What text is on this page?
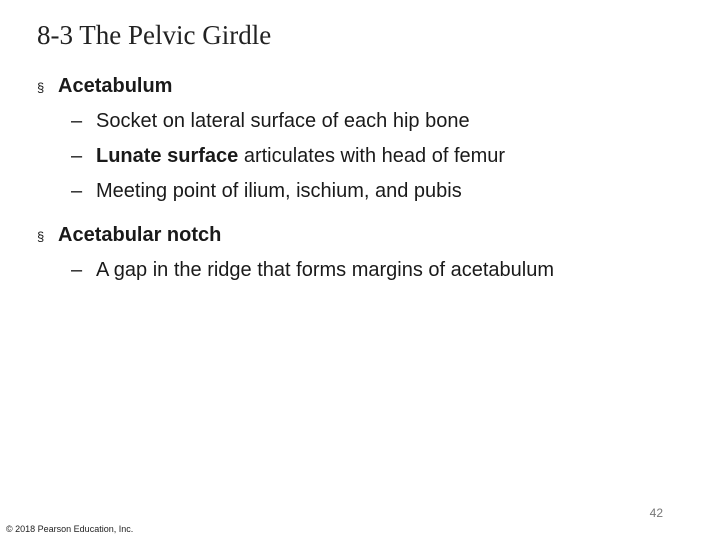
8-3 The Pelvic Girdle
§ Acetabulum
– Socket on lateral surface of each hip bone
– Lunate surface articulates with head of femur
– Meeting point of ilium, ischium, and pubis
§ Acetabular notch
– A gap in the ridge that forms margins of acetabulum
42
© 2018 Pearson Education, Inc.
